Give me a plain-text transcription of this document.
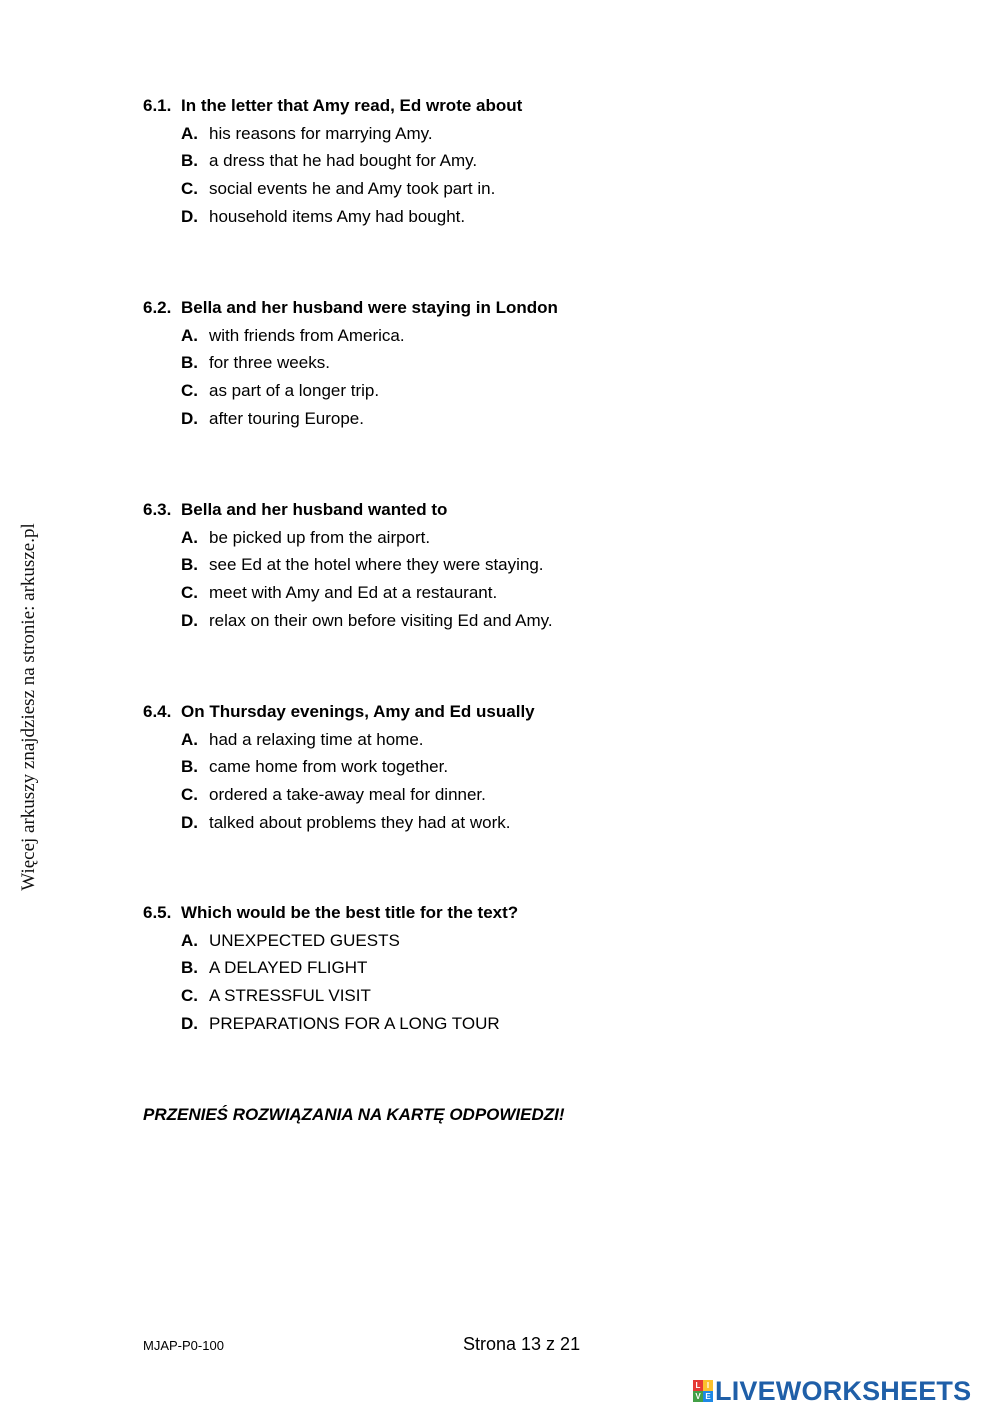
Więcej arkuszy znajdziesz na stronie: arkusze.pl
6.1. In the letter that Amy read, Ed wrote about
A. his reasons for marrying Amy.
B. a dress that he had bought for Amy.
C. social events he and Amy took part in.
D. household items Amy had bought.
6.2. Bella and her husband were staying in London
A. with friends from America.
B. for three weeks.
C. as part of a longer trip.
D. after touring Europe.
6.3. Bella and her husband wanted to
A. be picked up from the airport.
B. see Ed at the hotel where they were staying.
C. meet with Amy and Ed at a restaurant.
D. relax on their own before visiting Ed and Amy.
6.4. On Thursday evenings, Amy and Ed usually
A. had a relaxing time at home.
B. came home from work together.
C. ordered a take-away meal for dinner.
D. talked about problems they had at work.
6.5. Which would be the best title for the text?
A. UNEXPECTED GUESTS
B. A DELAYED FLIGHT
C. A STRESSFUL VISIT
D. PREPARATIONS FOR A LONG TOUR
PRZENIEŚ ROZWIĄZANIA NA KARTĘ ODPOWIEDZI!
MJAP-P0-100	Strona 13 z 21
L I
V E LIVEWORKSHEETS
